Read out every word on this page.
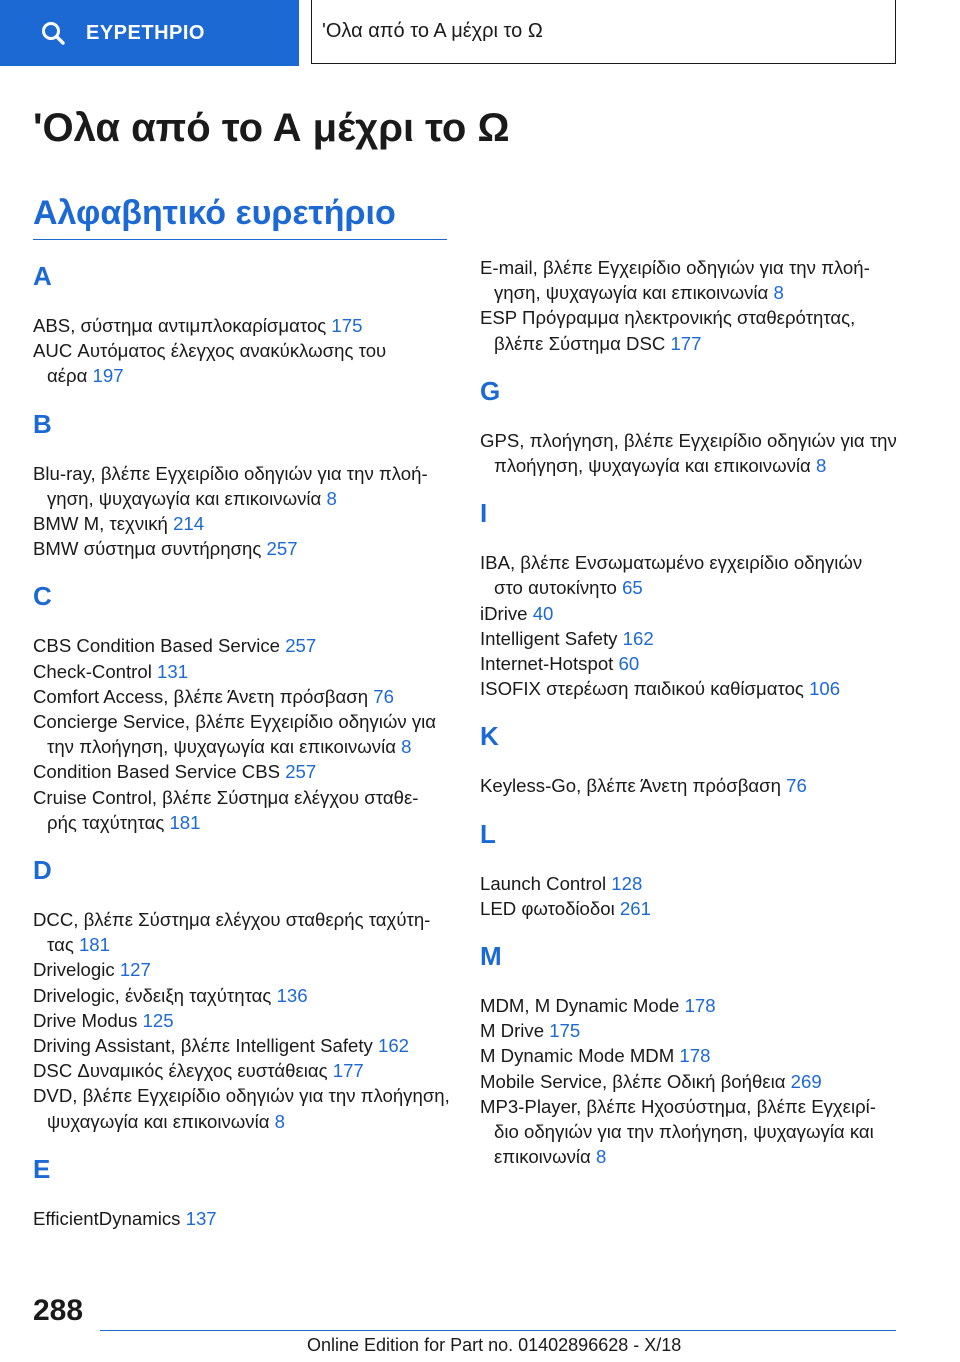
ΕΥΡΕΤΗΡΙΟ	'Ολα από το Α μέχρι το Ω
'Ολα από το Α μέχρι το Ω
Αλφαβητικό ευρετήριο
A
ABS, σύστημα αντιμπλοκαρίσματος 175
AUC Αυτόματος έλεγχος ανακύκλωσης του
αέρα 197
B
Blu-ray, βλέπε Εγχειρίδιο οδηγιών για την πλοή-
γηση, ψυχαγωγία και επικοινωνία 8
BMW M, τεχνική 214
BMW σύστημα συντήρησης 257
C
CBS Condition Based Service 257
Check-Control 131
Comfort Access, βλέπε Άνετη πρόσβαση 76
Concierge Service, βλέπε Εγχειρίδιο οδηγιών για
την πλοήγηση, ψυχαγωγία και επικοινωνία 8
Condition Based Service CBS 257
Cruise Control, βλέπε Σύστημα ελέγχου σταθε-
ρής ταχύτητας 181
D
DCC, βλέπε Σύστημα ελέγχου σταθερής ταχύτη-
τας 181
Drivelogic 127
Drivelogic, ένδειξη ταχύτητας 136
Drive Modus 125
Driving Assistant, βλέπε Intelligent Safety 162
DSC Δυναμικός έλεγχος ευστάθειας 177
DVD, βλέπε Εγχειρίδιο οδηγιών για την πλοήγηση,
ψυχαγωγία και επικοινωνία 8
E
EfficientDynamics 137
E-mail, βλέπε Εγχειρίδιο οδηγιών για την πλοή-
γηση, ψυχαγωγία και επικοινωνία 8
ESP Πρόγραμμα ηλεκτρονικής σταθερότητας,
βλέπε Σύστημα DSC 177
G
GPS, πλοήγηση, βλέπε Εγχειρίδιο οδηγιών για την
πλοήγηση, ψυχαγωγία και επικοινωνία 8
I
IBA, βλέπε Ενσωματωμένο εγχειρίδιο οδηγιών
στο αυτοκίνητο 65
iDrive 40
Intelligent Safety 162
Internet-Hotspot 60
ISOFIX στερέωση παιδικού καθίσματος 106
K
Keyless-Go, βλέπε Άνετη πρόσβαση 76
L
Launch Control 128
LED φωτοδίοδοι 261
M
MDM, M Dynamic Mode 178
M Drive 175
M Dynamic Mode MDM 178
Mobile Service, βλέπε Οδική βοήθεια 269
MP3-Player, βλέπε Ηχοσύστημα, βλέπε Εγχειρί-
διο οδηγιών για την πλοήγηση, ψυχαγωγία και
επικοινωνία 8
288
Online Edition for Part no. 01402896628 - X/18
